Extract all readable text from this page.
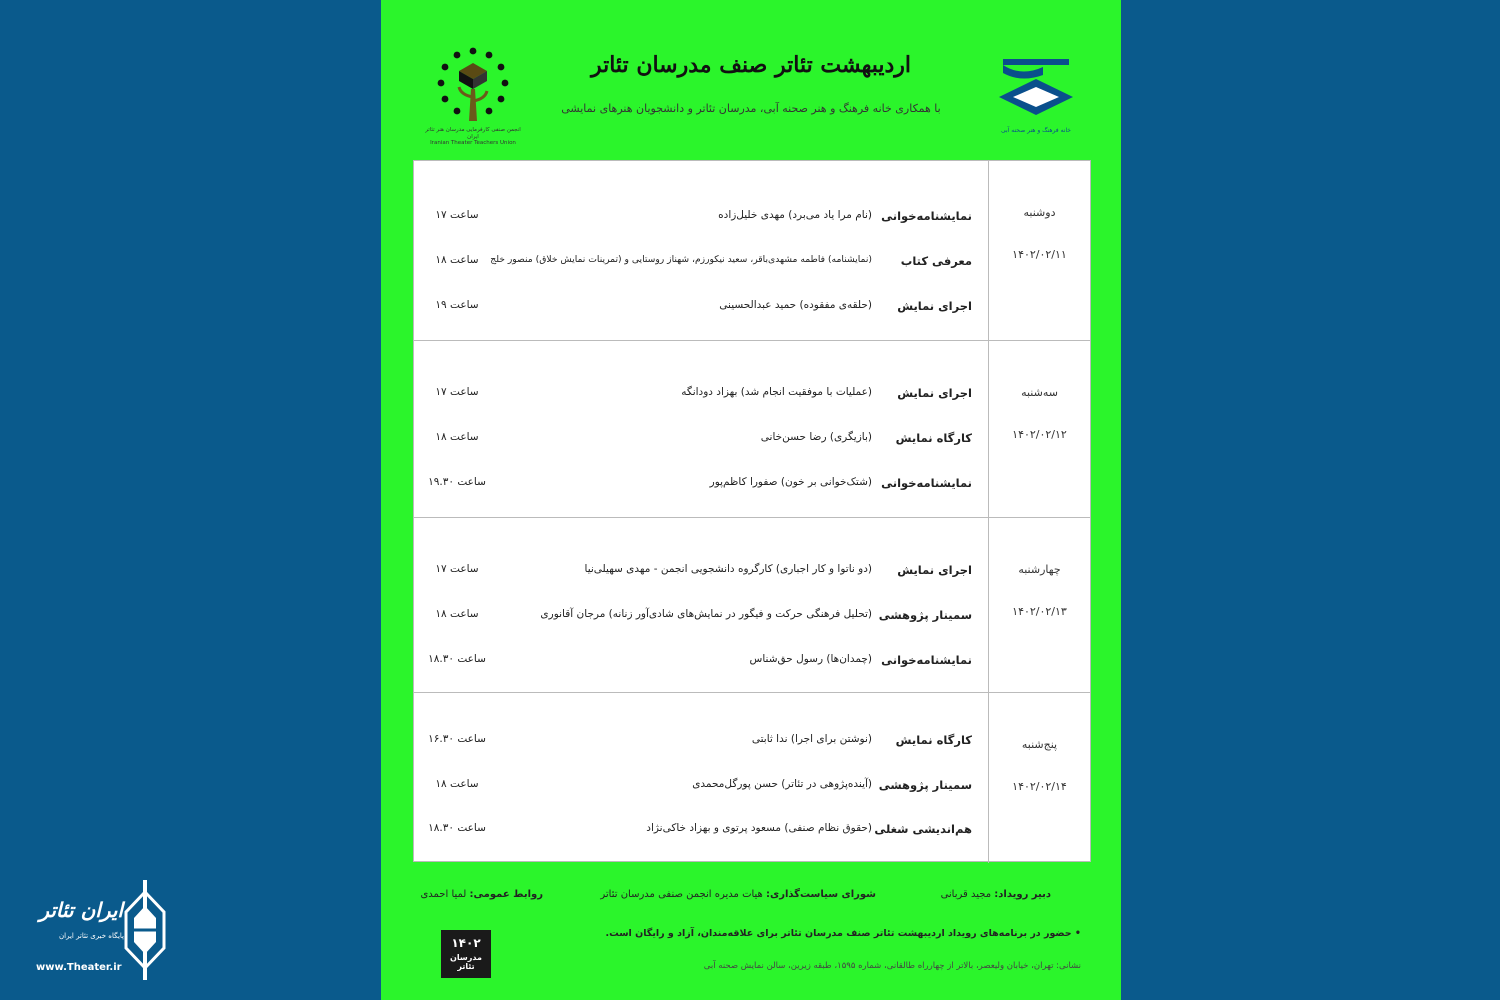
خانه فرهنگ و هنر صحنه آبی
اردیبهشت تئاتر صنف مدرسان تئاتر
با همکاری خانه فرهنگ و هنر صحنه آبی، مدرسان تئاتر و دانشجویان هنرهای نمایشی
انجمن صنفی کارفرمایی مدرسان هنر تئاتر ایران
Iranian Theater Teachers Union
دوشنبه
۱۴۰۲/۰۲/۱۱
نمایشنامه‌خوانی
(نام مرا یاد می‌برد) مهدی خلیل‌زاده
ساعت ۱۷
معرفی کتاب
(نمایشنامه) فاطمه مشهدی‌باقر، سعید نیکورزم، شهناز روستایی و (تمرینات نمایش خلاق) منصور خلج
ساعت ۱۸
اجرای نمایش
(حلقه‌ی مفقوده) حمید عبدالحسینی
ساعت ۱۹
سه‌شنبه
۱۴۰۲/۰۲/۱۲
اجرای نمایش
(عملیات با موفقیت انجام شد) بهزاد دودانگه
ساعت ۱۷
کارگاه نمایش
(بازیگری) رضا حسن‌خانی
ساعت ۱۸
نمایشنامه‌خوانی
(شتک‌خوانی بر خون) صفورا کاظم‌پور
ساعت ۱۹.۳۰
چهارشنبه
۱۴۰۲/۰۲/۱۳
اجرای نمایش
(دو ناتوا و کار اجباری) کارگروه دانشجویی انجمن - مهدی سهیلی‌نیا
ساعت ۱۷
سمینار پژوهشی
(تحلیل فرهنگی حرکت و فیگور در نمایش‌های شادی‌آور زنانه) مرجان آقانوری
ساعت ۱۸
نمایشنامه‌خوانی
(چمدان‌ها) رسول حق‌شناس
ساعت ۱۸.۳۰
پنج‌شنبه
۱۴۰۲/۰۲/۱۴
کارگاه نمایش
(نوشتن برای اجرا) ندا ثابتی
ساعت ۱۶.۳۰
سمینار پژوهشی
(آینده‌پژوهی در تئاتر) حسن پورگل‌محمدی
ساعت ۱۸
هم‌اندیشی شغلی
(حقوق نظام صنفی) مسعود پرتوی و بهزاد خاکی‌نژاد
ساعت ۱۸.۳۰
دبیر رویداد: مجید قربانی
شورای سیاست‌گذاری: هیات مدیره انجمن صنفی مدرسان تئاتر
روابط عمومی: لمیا احمدی
• حضور در برنامه‌های رویداد اردیبهشت تئاتر صنف مدرسان تئاتر برای علاقه‌مندان، آزاد و رایگان است.
نشانی: تهران، خیابان ولیعصر، بالاتر از چهارراه طالقانی، شماره ۱۵۹۵، طبقه زیرین، سالن نمایش صحنه آبی
۱۴۰۲
مدرسان تئاتر
ایران تئاتر
پایگاه خبری تئاتر ایران
www.Theater.ir
